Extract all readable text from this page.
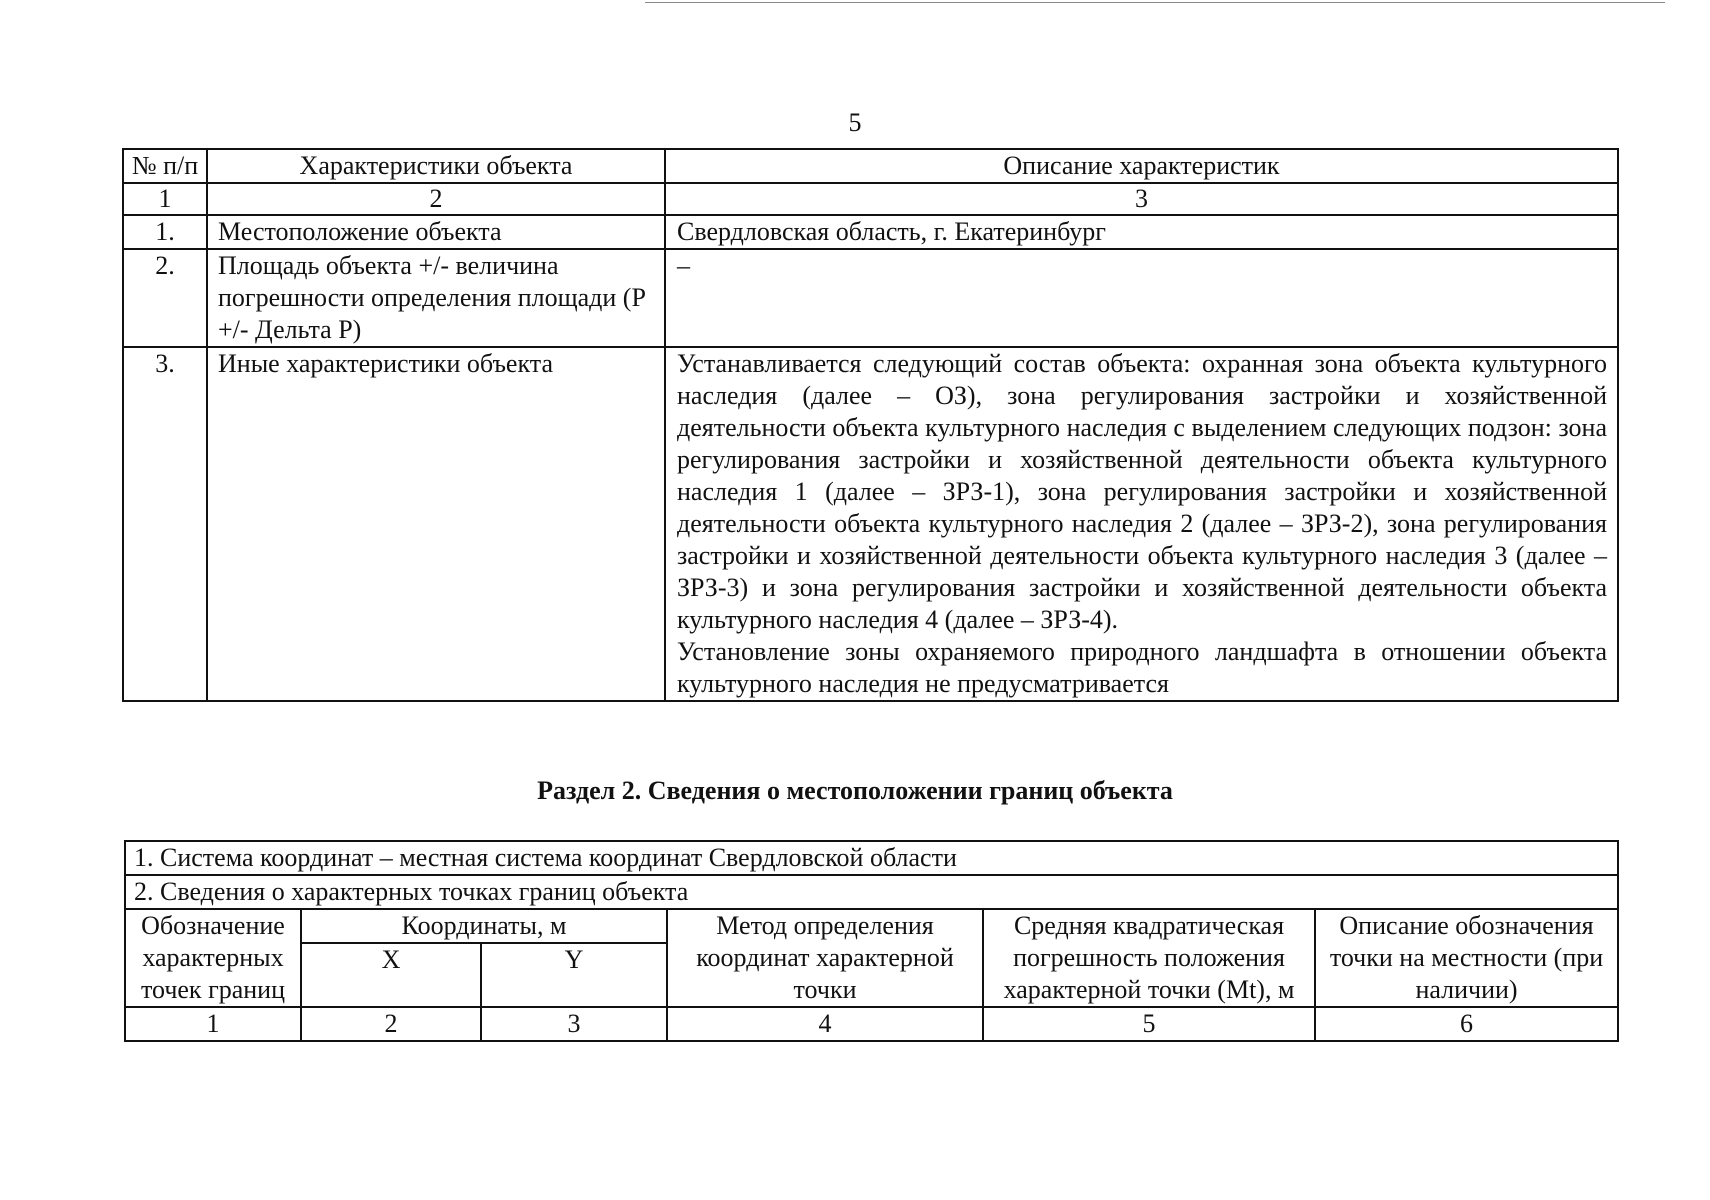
5
№ п/п	Характеристики объекта	Описание характеристик
1	2	3
1.	Местоположение объекта	Свердловская область, г. Екатеринбург

2.	Площадь объекта +/- величина погрешности определения площади (P +/- Дельта P)	–

3.	Иные характеристики объекта	Устанавливается следующий состав объекта: охранная зона объекта культурного наследия (далее – ОЗ), зона регулирования застройки и хозяйственной деятельности объекта культурного наследия с выделением следующих подзон: зона регулирования застройки и хозяйственной деятельности объекта культурного наследия 1 (далее – ЗРЗ-1), зона регулирования застройки и хозяйственной деятельности объекта культурного наследия 2 (далее – ЗРЗ-2), зона регулирования застройки и хозяйственной деятельности объекта культурного наследия 3 (далее – ЗРЗ-3) и зона регулирования застройки и хозяйственной деятельности объекта культурного наследия 4 (далее – ЗРЗ-4).

Установление зоны охраняемого природного ландшафта в отношении объекта культурного наследия не предусматривается

Раздел 2. Сведения о местоположении границ объекта
1. Система координат – местная система координат Свердловской области					
2. Сведения о характерных точках границ объекта					
Обозначение характерных точек границ	Координаты, м		Метод определения координат характерной точки	Средняя квадратическая погрешность положения характерной точки (Mt), м	Описание обозначения точки на местности (при наличии)
	X	Y			
1	2	3	4	5	6
